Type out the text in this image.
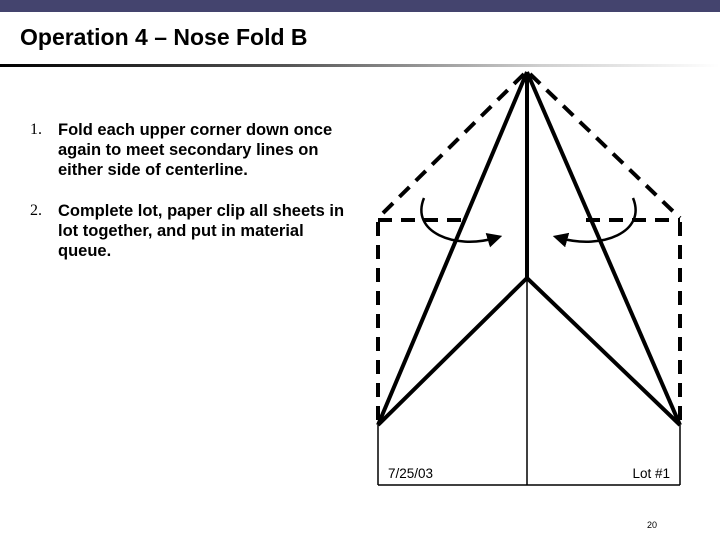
Operation 4 – Nose Fold B
1. Fold each upper corner down once again to meet secondary lines on either side of centerline.
2. Complete lot, paper clip all sheets in lot together, and put in material queue.
7/25/03	Lot #1
20
